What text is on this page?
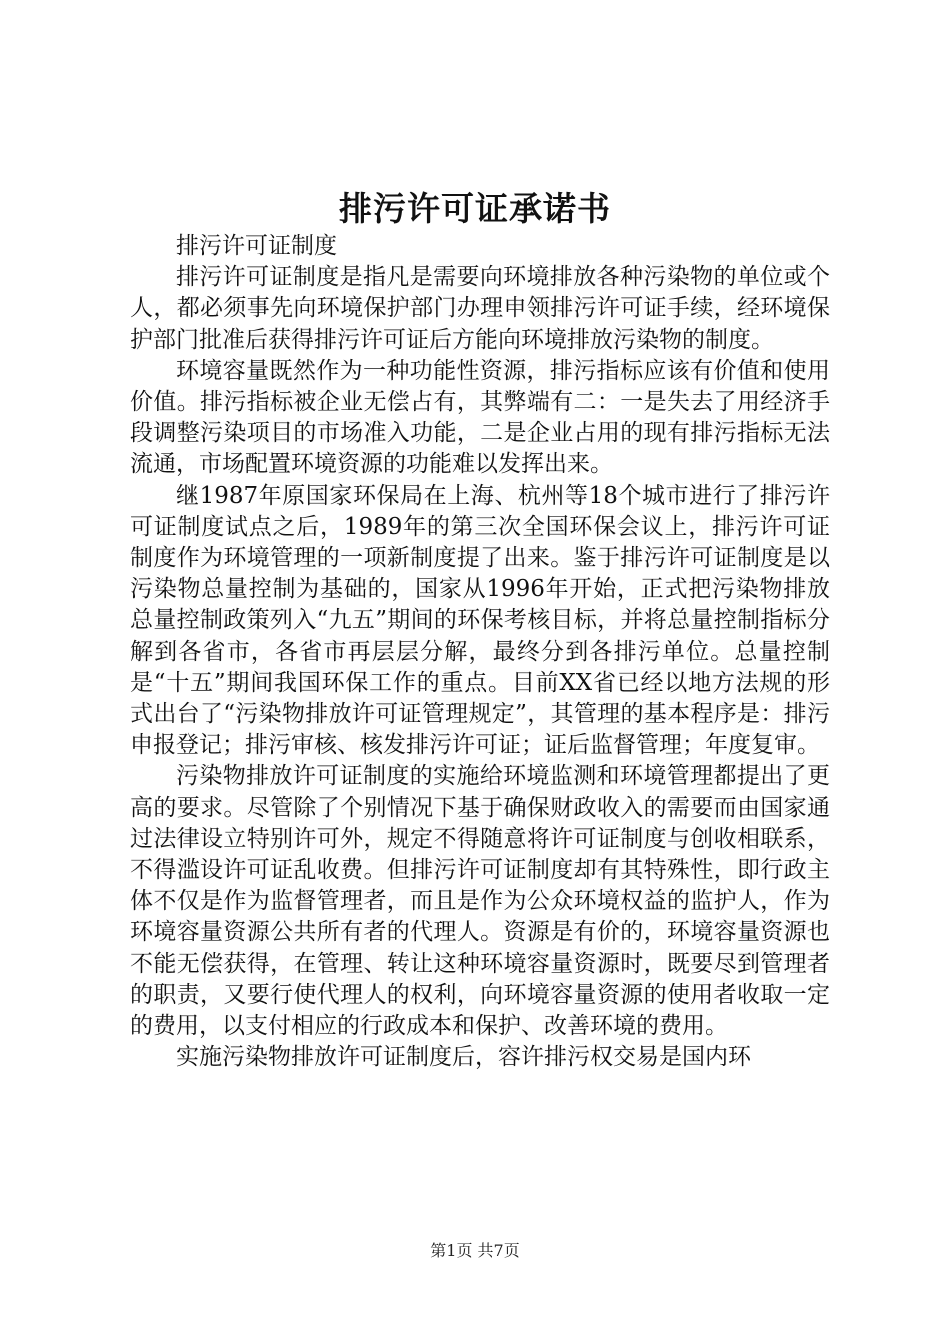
排污许可证承诺书

排污许可证制度

排污许可证制度是指凡是需要向环境排放各种污染物的单位或个人，都必须事先向环境保护部门办理申领排污许可证手续，经环境保护部门批准后获得排污许可证后方能向环境排放污染物的制度。

环境容量既然作为一种功能性资源，排污指标应该有价值和使用价值。排污指标被企业无偿占有，其弊端有二：一是失去了用经济手段调整污染项目的市场准入功能，二是企业占用的现有排污指标无法流通，市场配置环境资源的功能难以发挥出来。

继1987年原国家环保局在上海、杭州等18个城市进行了排污许可证制度试点之后，1989年的第三次全国环保会议上，排污许可证制度作为环境管理的一项新制度提了出来。鉴于排污许可证制度是以污染物总量控制为基础的，国家从1996年开始，正式把污染物排放总量控制政策列入“九五”期间的环保考核目标，并将总量控制指标分解到各省市，各省市再层层分解，最终分到各排污单位。总量控制是“十五”期间我国环保工作的重点。目前XX省已经以地方法规的形式出台了“污染物排放许可证管理规定”，其管理的基本程序是：排污申报登记；排污审核、核发排污许可证；证后监督管理；年度复审。

污染物排放许可证制度的实施给环境监测和环境管理都提出了更高的要求。尽管除了个别情况下基于确保财政收入的需要而由国家通过法律设立特别许可外，规定不得随意将许可证制度与创收相联系，不得滥设许可证乱收费。但排污许可证制度却有其特殊性，即行政主体不仅是作为监督管理者，而且是作为公众环境权益的监护人，作为环境容量资源公共所有者的代理人。资源是有价的，环境容量资源也不能无偿获得，在管理、转让这种环境容量资源时，既要尽到管理者的职责，又要行使代理人的权利，向环境容量资源的使用者收取一定的费用，以支付相应的行政成本和保护、改善环境的费用。

实施污染物排放许可证制度后，容许排污权交易是国内环

第1页 共7页
